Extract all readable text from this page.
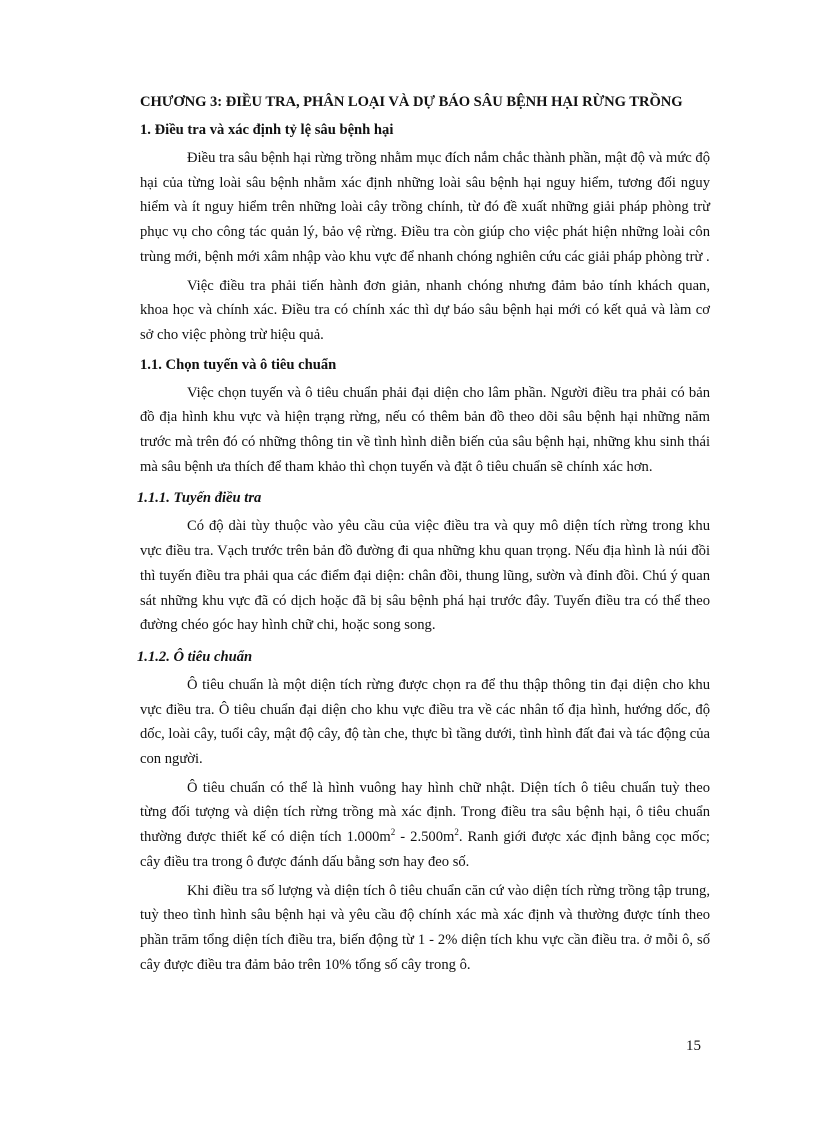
CHƯƠNG 3: ĐIỀU TRA, PHÂN LOẠI VÀ DỰ BÁO SÂU BỆNH HẠI RỪNG TRỒNG
1. Điều tra và xác định tỷ lệ sâu bệnh hại

Điều tra sâu bệnh hại rừng trồng nhằm mục đích nắm chắc thành phần, mật độ và mức độ hại của từng loài sâu bệnh nhằm xác định những loài sâu bệnh hại nguy hiểm, tương đối nguy hiểm và ít nguy hiểm trên những loài cây trồng chính, từ đó đề xuất những giải pháp phòng trừ phục vụ cho công tác quản lý, bảo vệ rừng. Điều tra còn giúp cho việc phát hiện những loài côn trùng mới, bệnh mới xâm nhập vào khu vực để nhanh chóng nghiên cứu các giải pháp phòng trừ .

Việc điều tra phải tiến hành đơn giản, nhanh chóng nhưng đảm bảo tính khách quan, khoa học và chính xác. Điều tra có chính xác thì dự báo sâu bệnh hại mới có kết quả và làm cơ sở cho việc phòng trừ hiệu quả.

1.1. Chọn tuyến và ô tiêu chuẩn

Việc chọn tuyến và ô tiêu chuẩn phải đại diện cho lâm phần. Người điều tra phải có bản đồ địa hình khu vực và hiện trạng rừng, nếu có thêm bản đồ theo dõi sâu bệnh hại những năm trước mà trên đó có những thông tin về tình hình diễn biến của sâu bệnh hại, những khu sinh thái mà sâu bệnh ưa thích để tham khảo thì chọn tuyến và đặt ô tiêu chuẩn sẽ chính xác hơn.

1.1.1. Tuyến điều tra

Có độ dài tùy thuộc vào yêu cầu của việc điều tra và quy mô diện tích rừng trong khu vực điều tra. Vạch trước trên bản đồ đường đi qua những khu quan trọng. Nếu địa hình là núi đồi thì tuyến điều tra phải qua các điểm đại diện: chân đồi, thung lũng, sườn và đỉnh đồi. Chú ý quan sát những khu vực đã có dịch hoặc đã bị sâu bệnh phá hại trước đây. Tuyến điều tra có thể theo đường chéo góc hay hình chữ chi, hoặc song song.

1.1.2. Ô tiêu chuẩn

Ô tiêu chuẩn là một diện tích rừng được chọn ra để thu thập thông tin đại diện cho khu vực điều tra. Ô tiêu chuẩn đại diện cho khu vực điều tra về các nhân tố địa hình, hướng dốc, độ dốc, loài cây, tuổi cây, mật độ cây, độ tàn che, thực bì tầng dưới, tình hình đất đai và tác động của con người.

Ô tiêu chuẩn có thể là hình vuông hay hình chữ nhật. Diện tích ô tiêu chuẩn tuỳ theo từng đối tượng và diện tích rừng trồng mà xác định. Trong điều tra sâu bệnh hại, ô tiêu chuẩn thường được thiết kế có diện tích $1.000m^2 - 2.500m^2$. Ranh giới được xác định bằng cọc mốc; cây điều tra trong ô được đánh dấu bằng sơn hay đeo số.

Khi điều tra số lượng và diện tích ô tiêu chuẩn căn cứ vào diện tích rừng trồng tập trung, tuỳ theo tình hình sâu bệnh hại và yêu cầu độ chính xác mà xác định và thường được tính theo phần trăm tổng diện tích điều tra, biến động từ 1 - 2% diện tích khu vực cần điều tra. ở mỗi ô, số cây được điều tra đảm bảo trên 10% tổng số cây trong ô.

15
